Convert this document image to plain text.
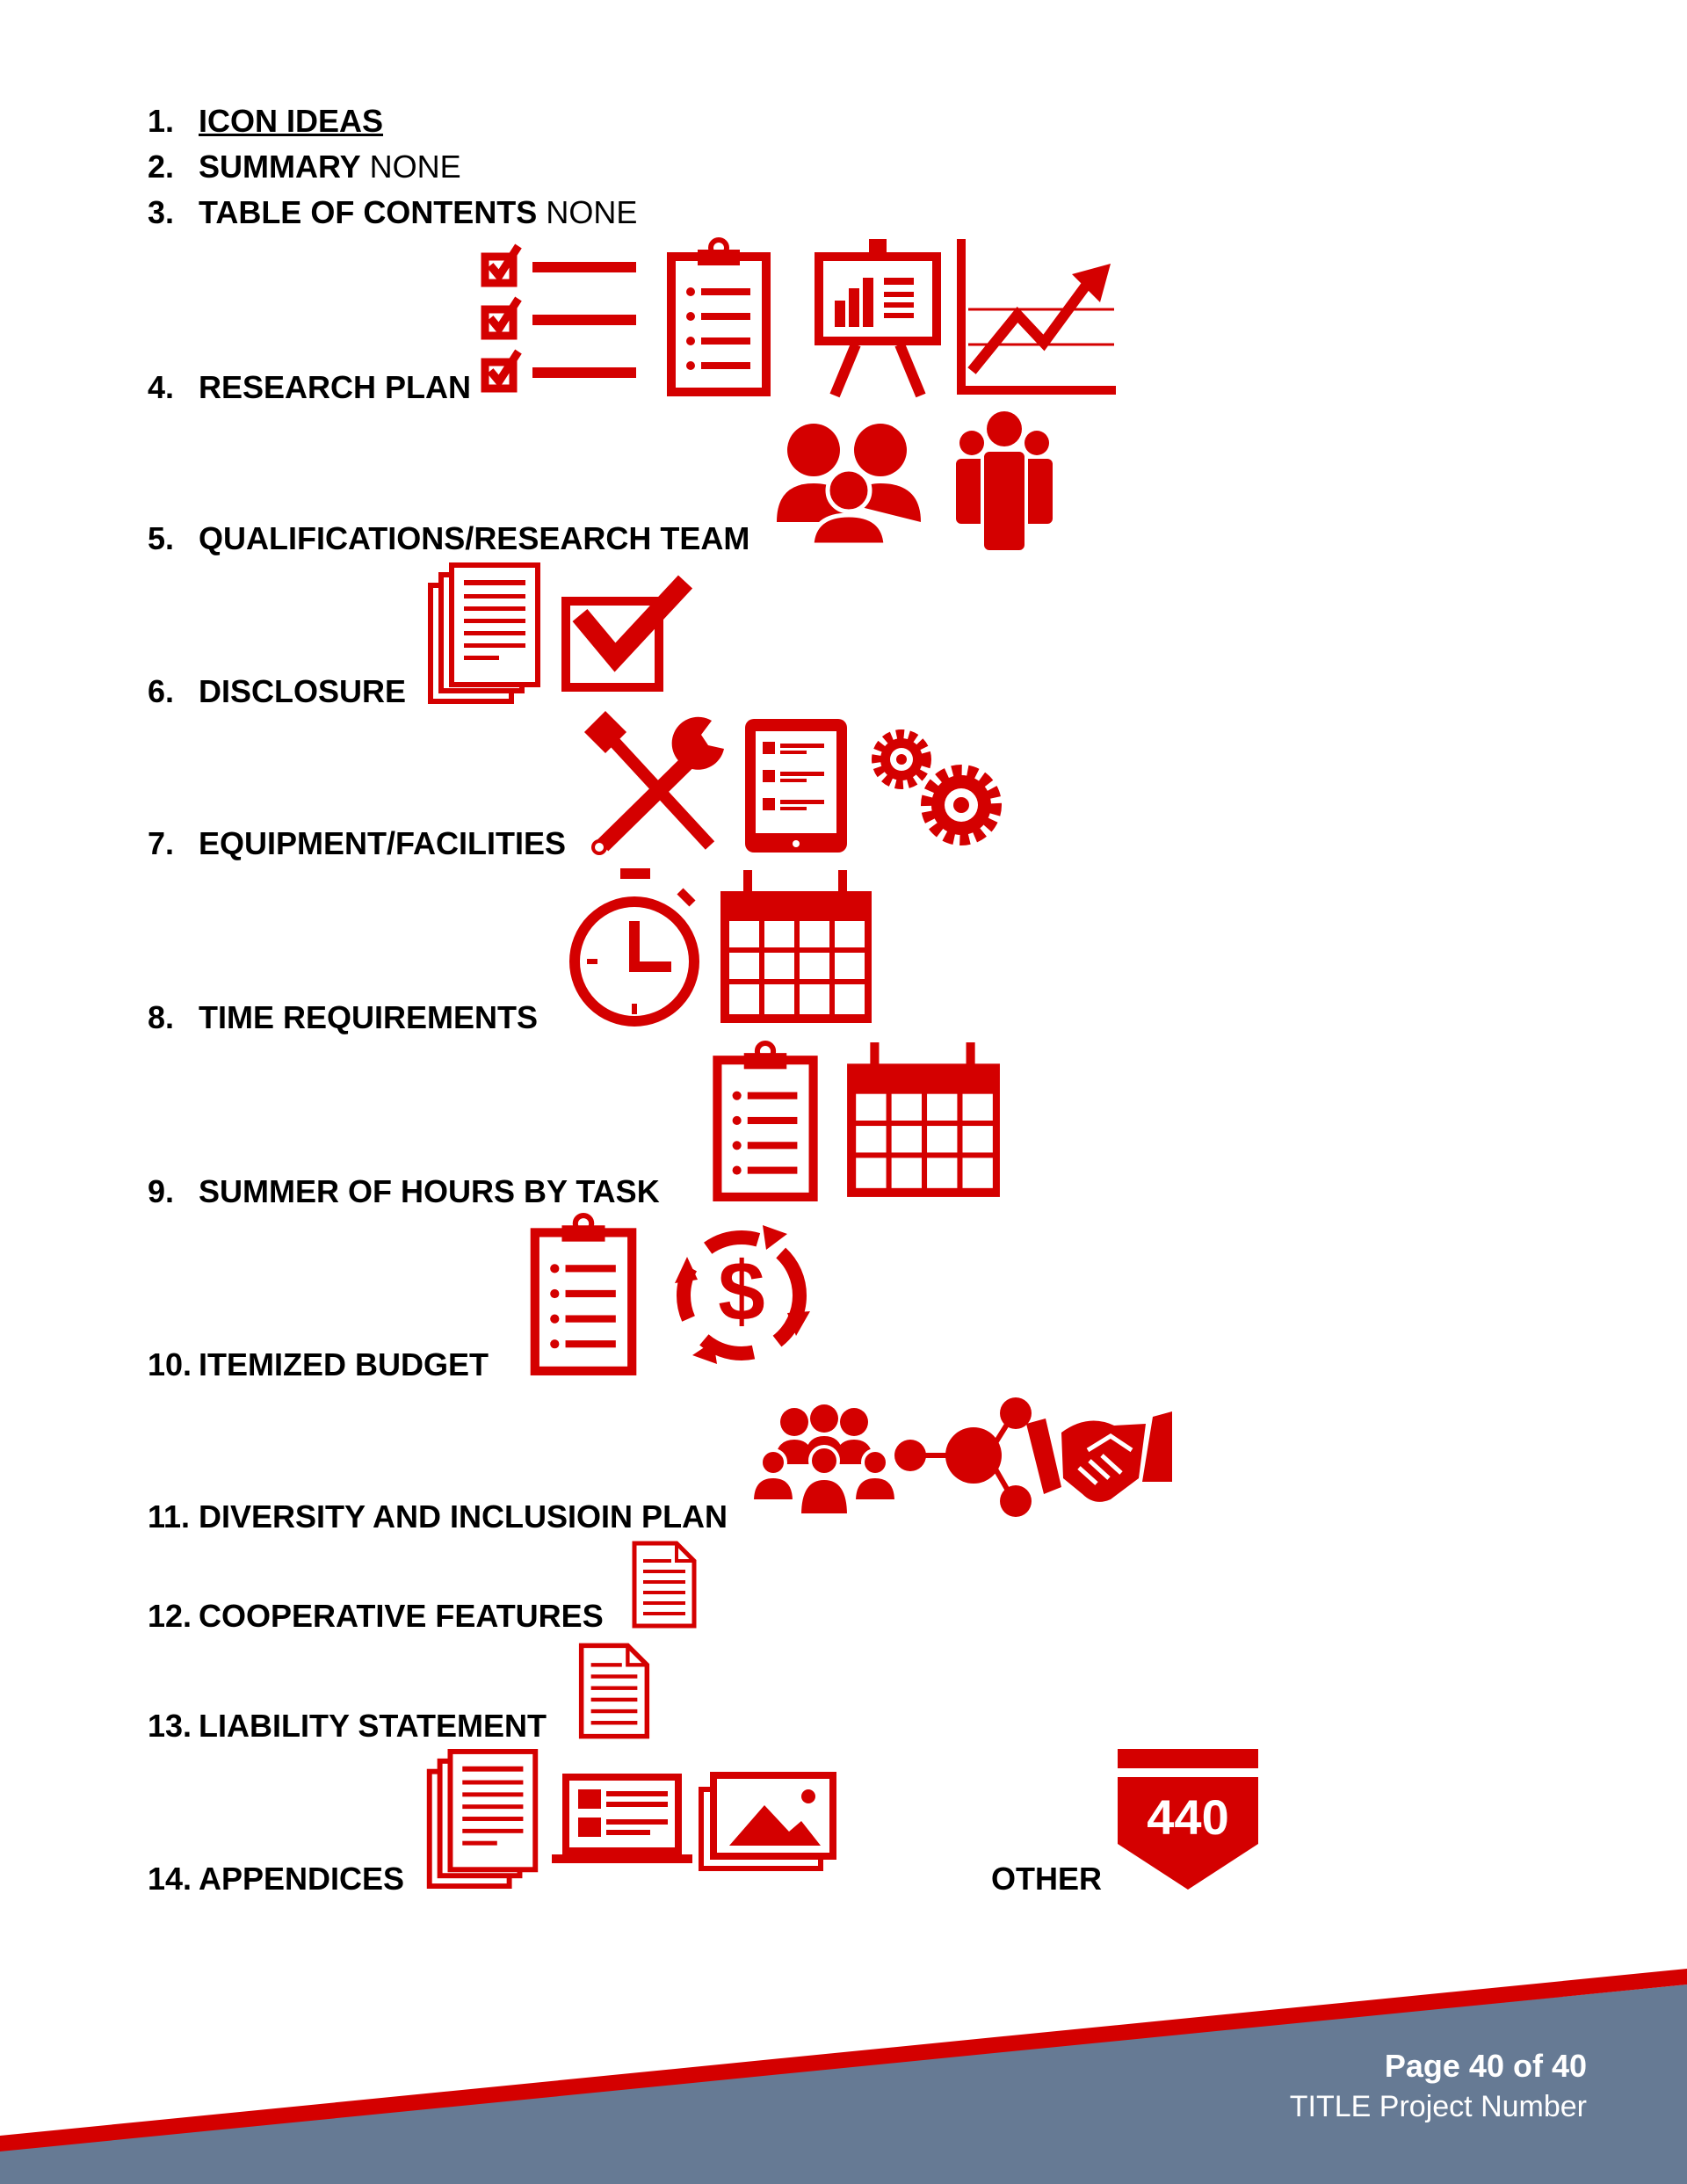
1. ICON IDEAS
2. SUMMARY NONE
3. TABLE OF CONTENTS NONE
4. RESEARCH PLAN
5. QUALIFICATIONS/RESEARCH TEAM
6. DISCLOSURE
7. EQUIPMENT/FACILITIES
8. TIME REQUIREMENTS
9. SUMMER OF HOURS BY TASK
10. ITEMIZED BUDGET
11. DIVERSITY AND INCLUSIOIN PLAN
12. COOPERATIVE FEATURES
13. LIABILITY STATEMENT
14. APPENDICES
$
OTHER
440
Page 40 of 40
TITLE Project Number
